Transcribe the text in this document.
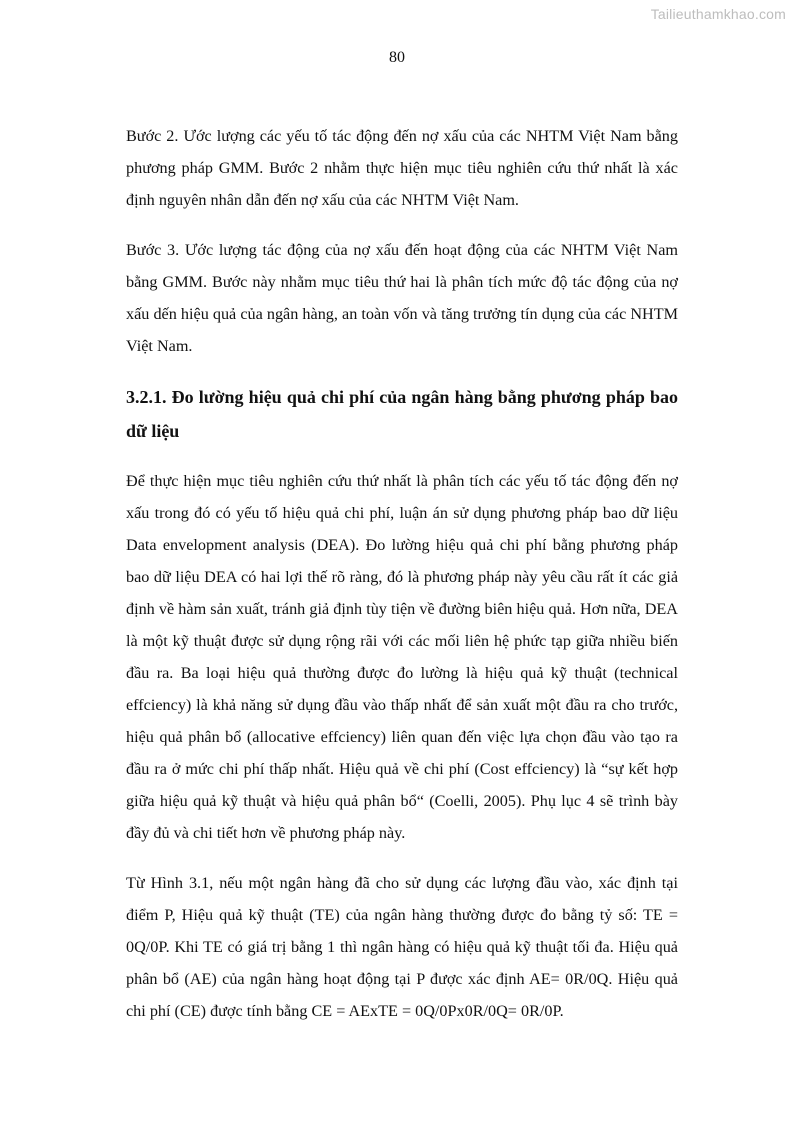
Tailieuthamkhao.com
80

Bước 2. Ước lượng các yếu tố tác động đến nợ xấu của các NHTM Việt Nam bằng phương pháp GMM. Bước 2 nhằm thực hiện mục tiêu nghiên cứu thứ nhất là xác định nguyên nhân dẫn đến nợ xấu của các NHTM Việt Nam.

Bước 3. Ước lượng tác động của nợ xấu đến hoạt động của các NHTM Việt Nam bằng GMM. Bước này nhằm mục tiêu thứ hai là phân tích mức độ tác động của nợ xấu dến hiệu quả của ngân hàng, an toàn vốn và tăng trưởng tín dụng của các NHTM Việt Nam.

3.2.1. Đo lường hiệu quả chi phí của ngân hàng bằng phương pháp bao dữ liệu

Để thực hiện mục tiêu nghiên cứu thứ nhất là phân tích các yếu tố tác động đến nợ xấu trong đó có yếu tố hiệu quả chi phí, luận án sử dụng phương pháp bao dữ liệu Data envelopment analysis (DEA). Đo lường hiệu quả chi phí bằng phương pháp bao dữ liệu DEA có hai lợi thế rõ ràng, đó là phương pháp này yêu cầu rất ít các giả định về hàm sản xuất, tránh giả định tùy tiện về đường biên hiệu quả. Hơn nữa, DEA là một kỹ thuật được sử dụng rộng rãi với các mối liên hệ phức tạp giữa nhiều biến đầu ra. Ba loại hiệu quả thường được đo lường là hiệu quả kỹ thuật (technical effciency) là khả năng sử dụng đầu vào thấp nhất để sản xuất một đầu ra cho trước, hiệu quả phân bổ (allocative effciency) liên quan đến việc lựa chọn đầu vào tạo ra đầu ra ở mức chi phí thấp nhất. Hiệu quả về chi phí (Cost effciency) là “sự kết hợp giữa hiệu quả kỹ thuật và hiệu quả phân bổ“ (Coelli, 2005). Phụ lục 4 sẽ trình bày đầy đủ và chi tiết hơn về phương pháp này.

Từ Hình 3.1, nếu một ngân hàng đã cho sử dụng các lượng đầu vào, xác định tại điểm P, Hiệu quả kỹ thuật (TE) của ngân hàng thường được đo bằng tỷ số: TE = 0Q/0P. Khi TE có giá trị bằng 1 thì ngân hàng có hiệu quả kỹ thuật tối đa. Hiệu quả phân bổ (AE) của ngân hàng hoạt động tại P được xác định AE= 0R/0Q. Hiệu quả chi phí (CE) được tính bằng CE = AExTE = 0Q/0Px0R/0Q= 0R/0P.
